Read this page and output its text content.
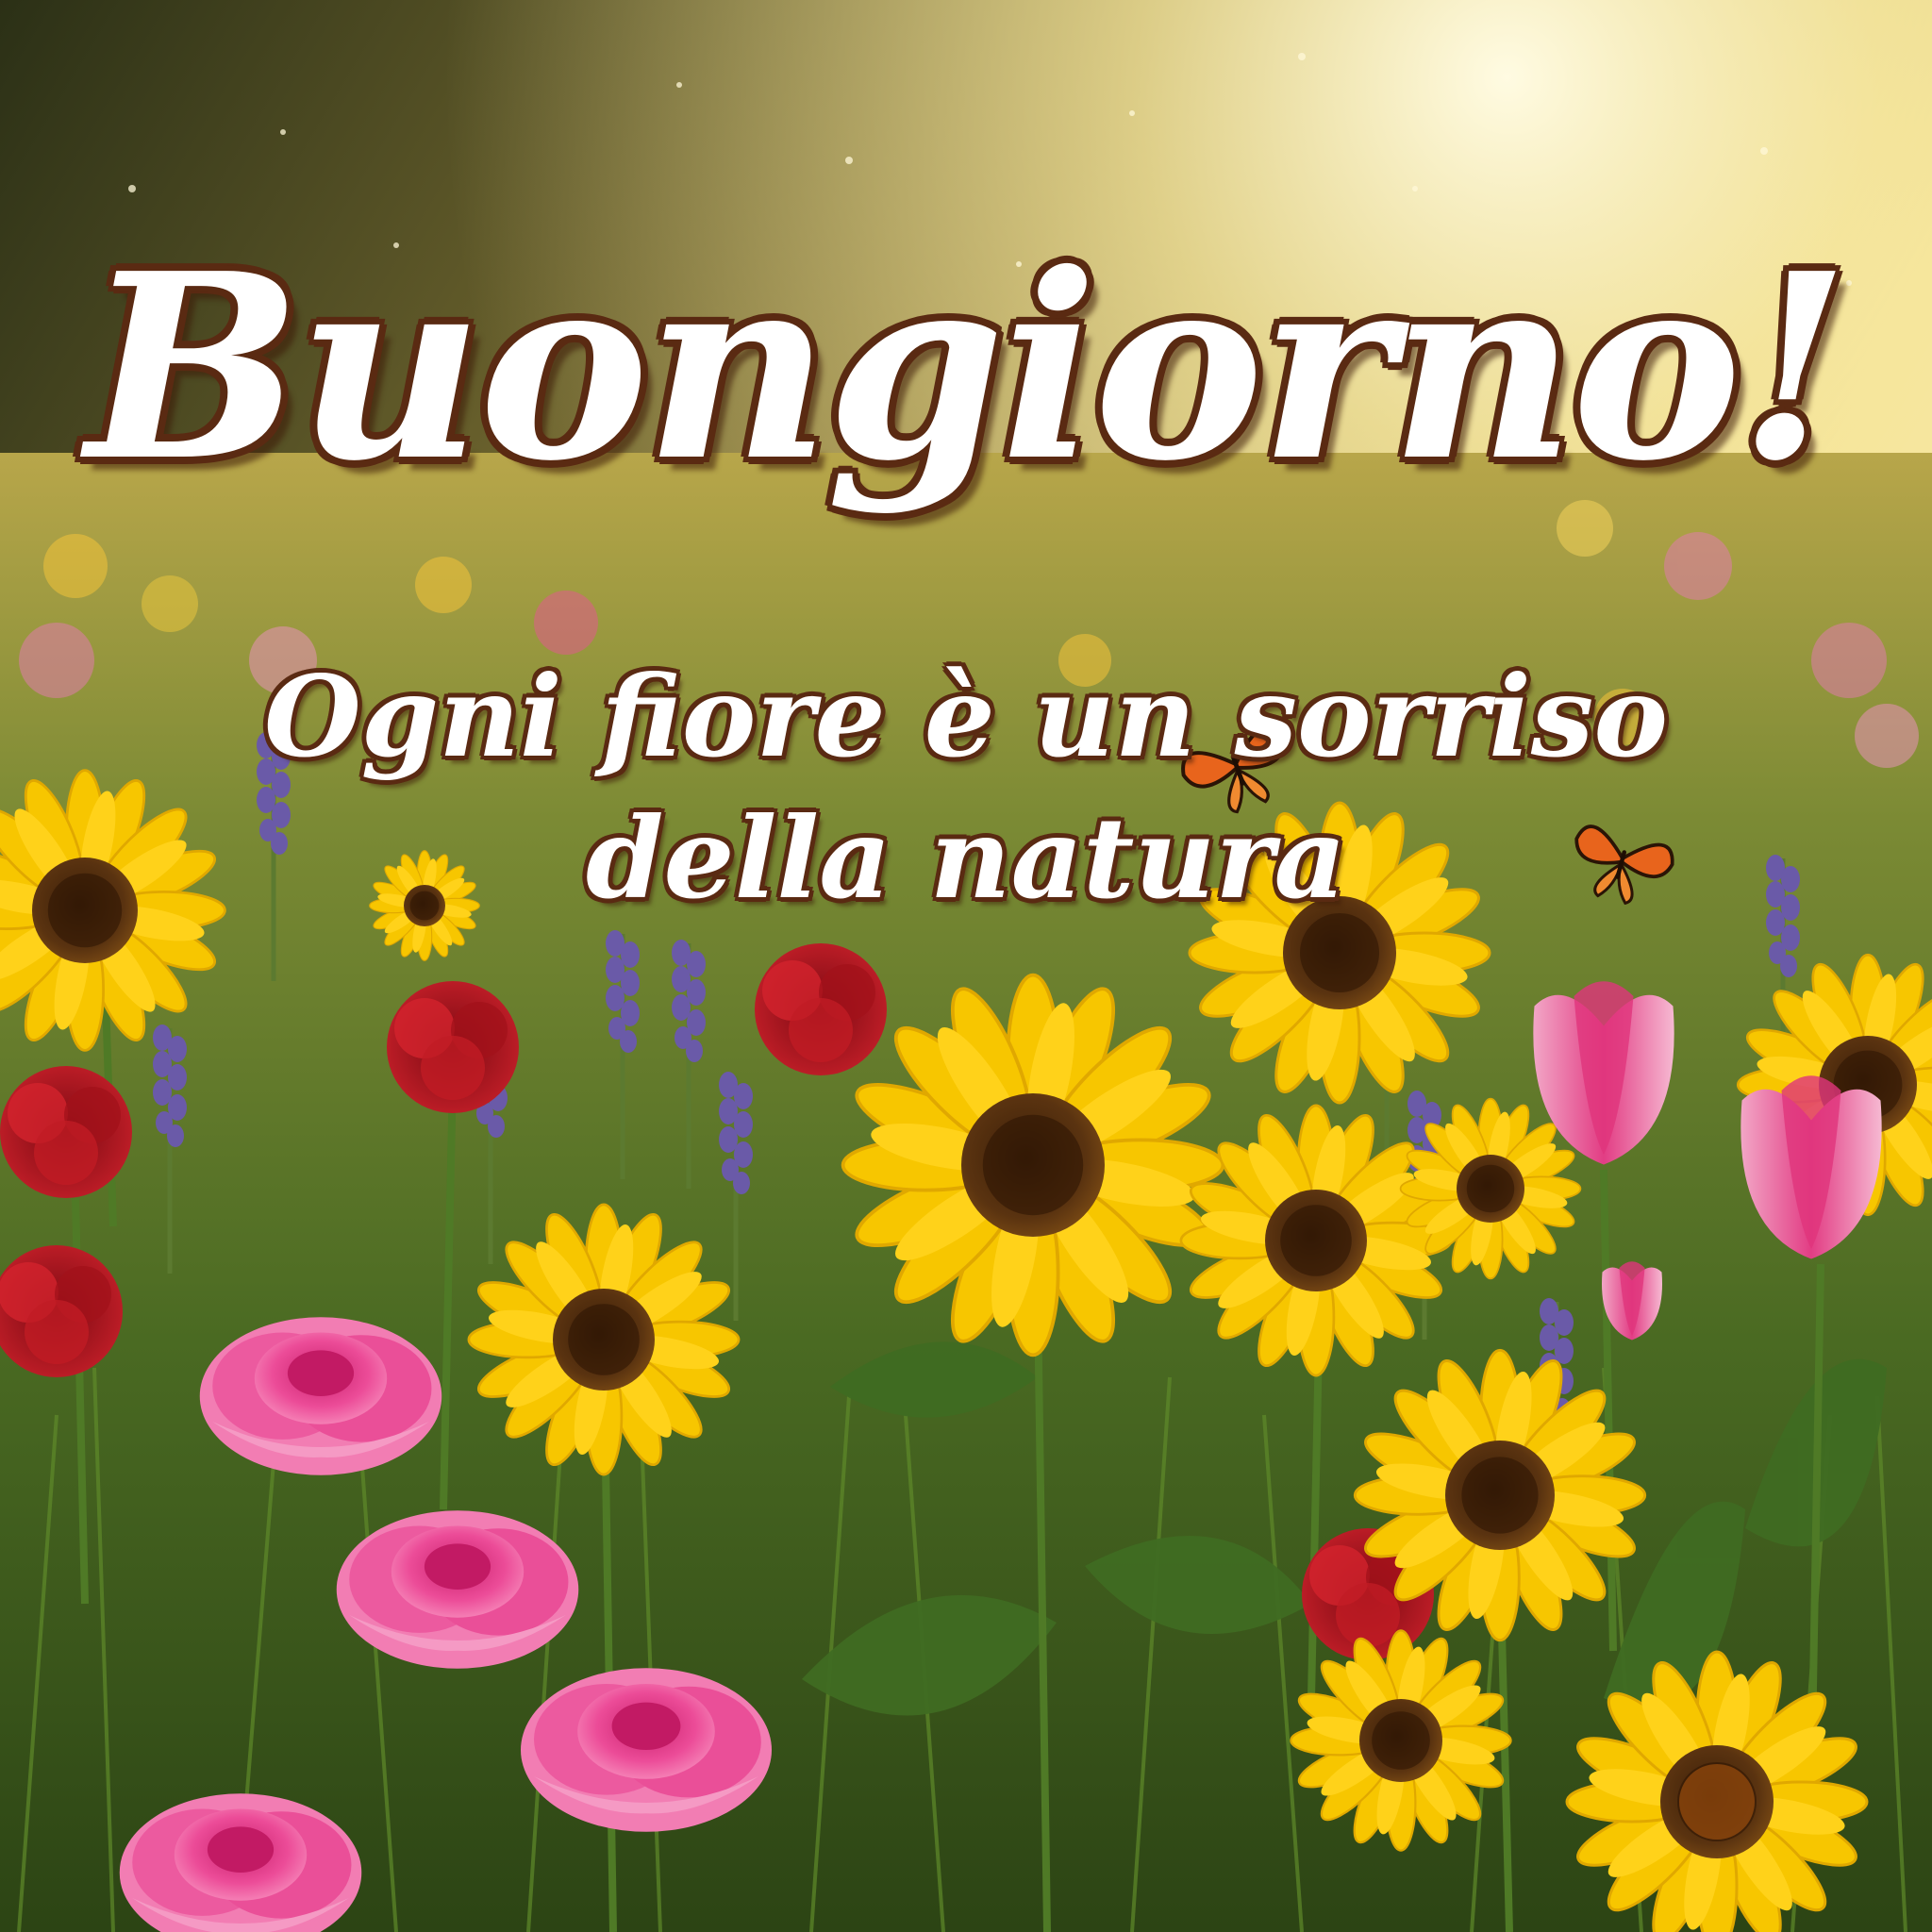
Buongiorno!
Ogni fiore è un sorriso
della natura
